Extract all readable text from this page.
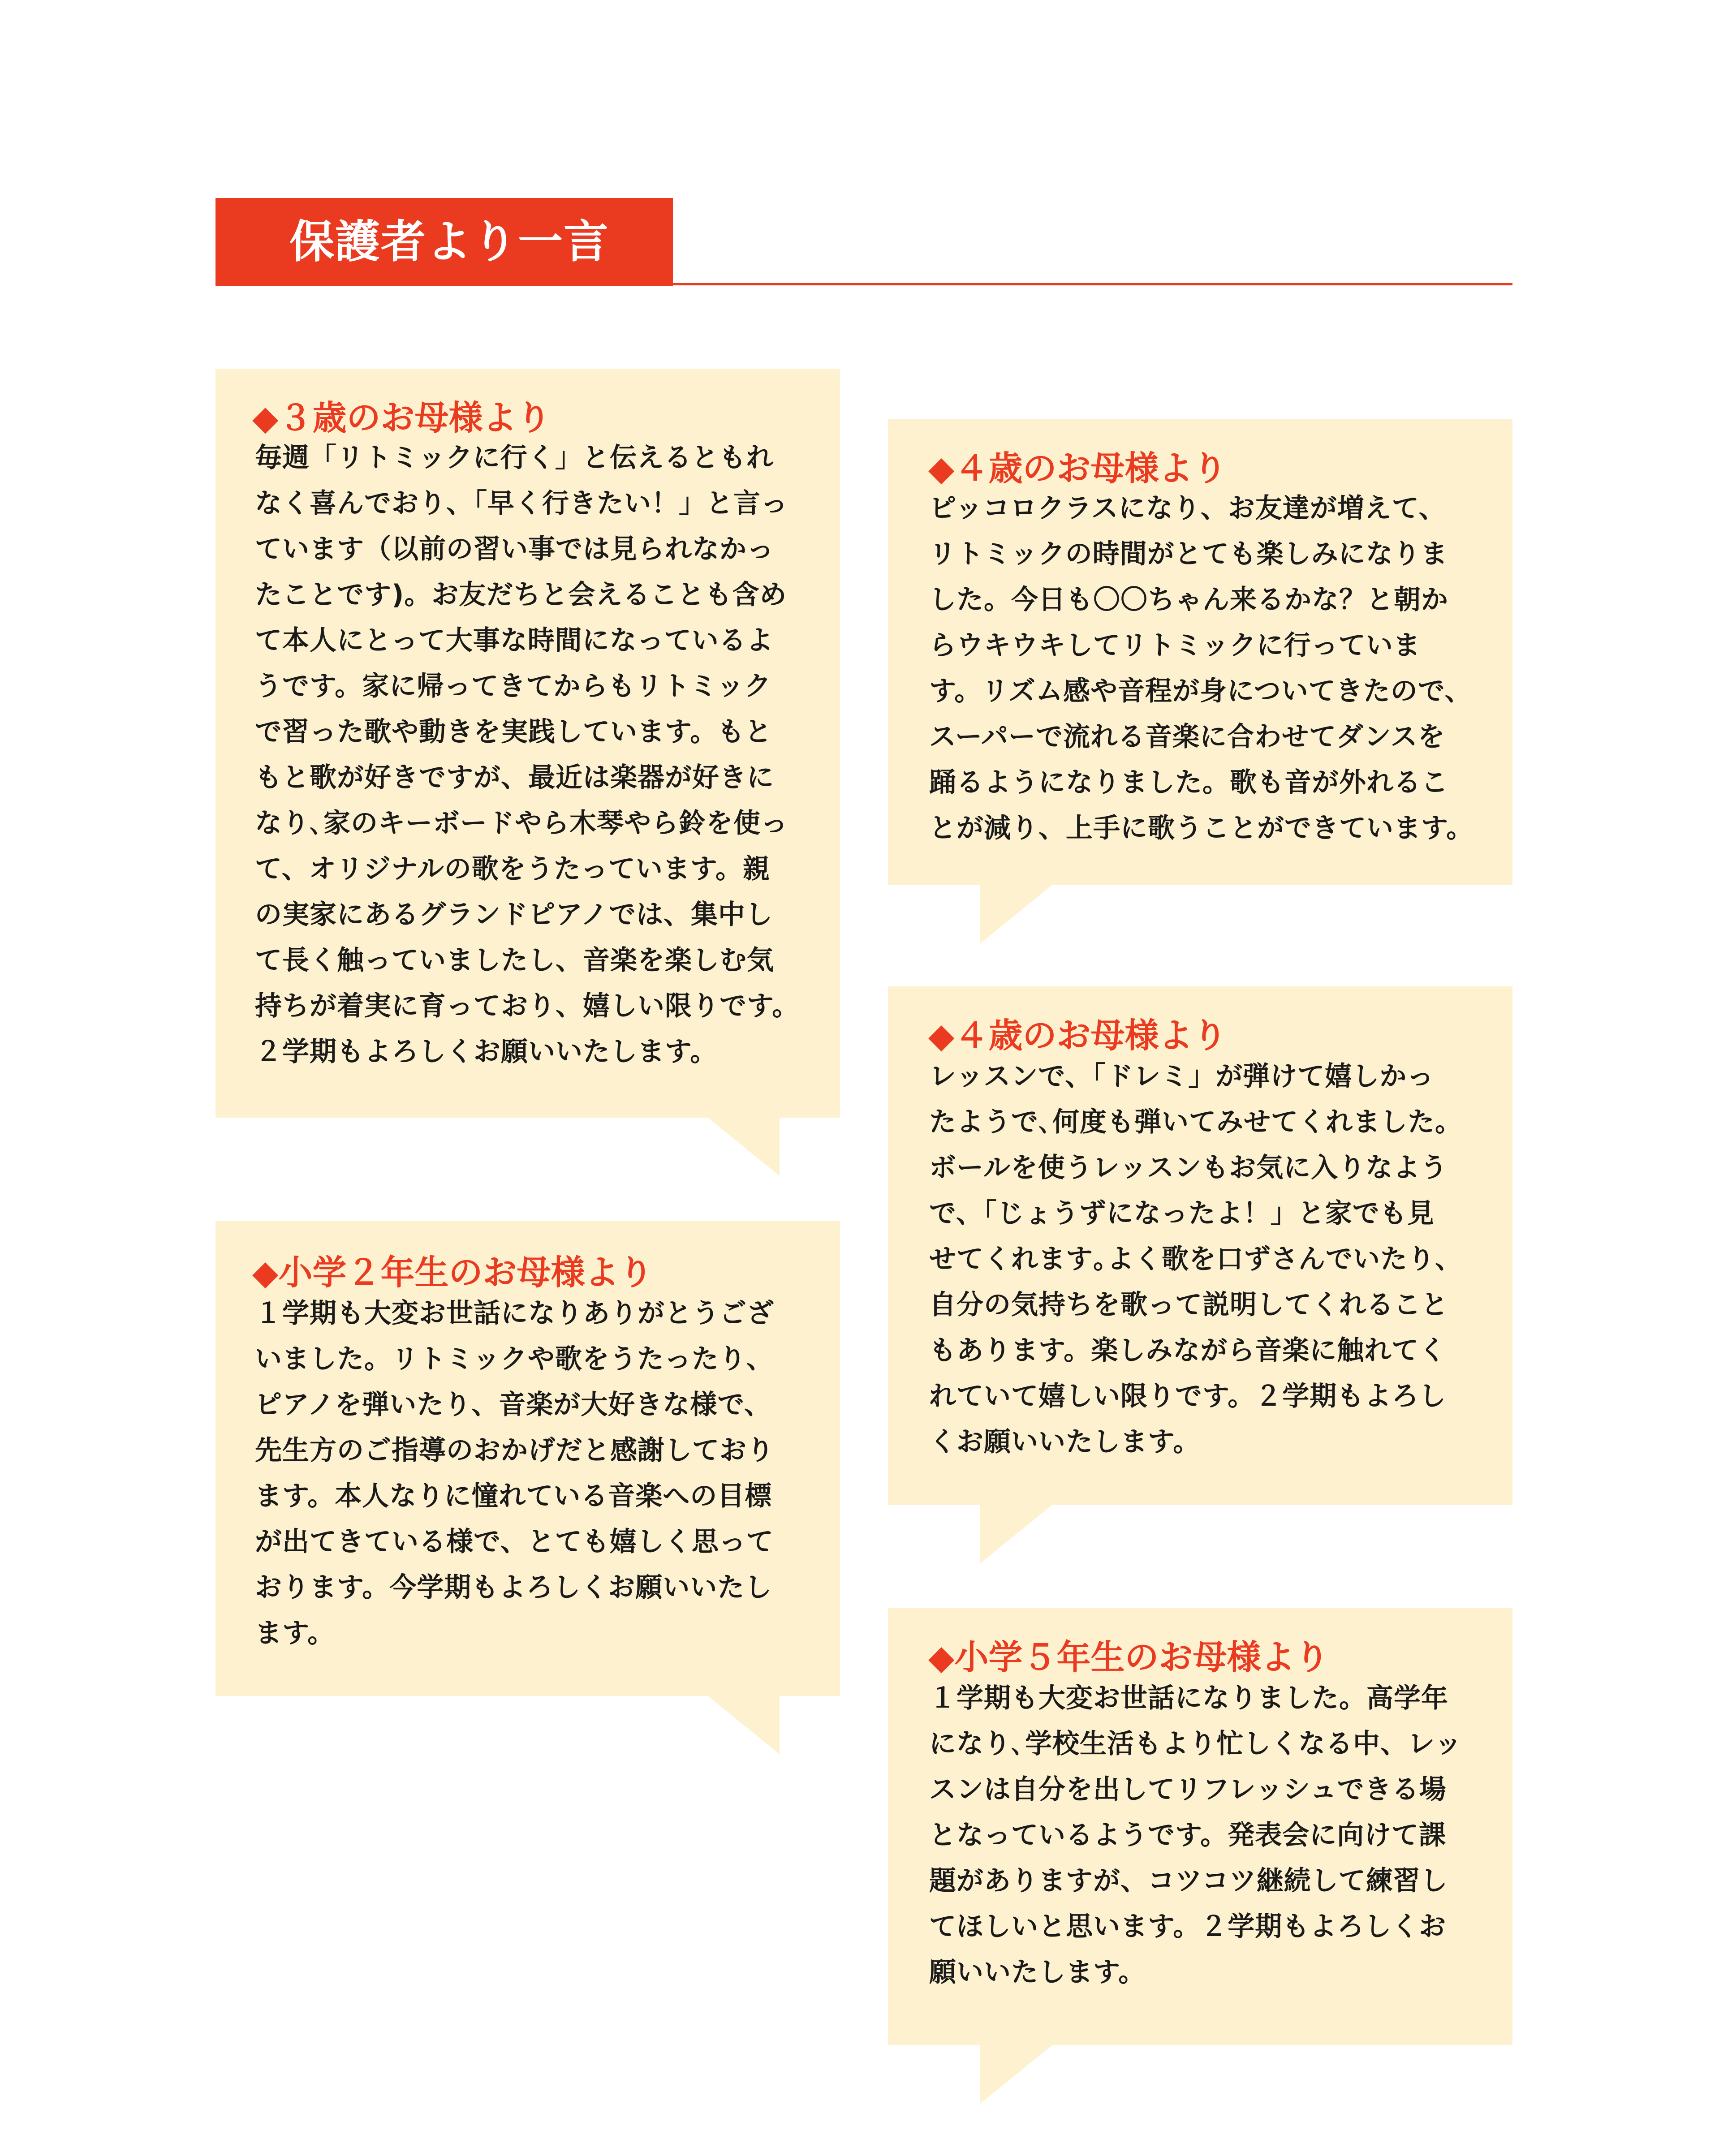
保護者より一言
◆３歳のお母様より
毎週「リトミックに行く」と伝えるともれ
なく喜んでおり、「早く行きたい！」と言っ
ています（以前の習い事では見られなかっ
たことです)。お友だちと会えることも含め
て本人にとって大事な時間になっているよ
うです。家に帰ってきてからもリトミック
で習った歌や動きを実践しています。もと
もと歌が好きですが、最近は楽器が好きに
なり､家のキーボードやら木琴やら鈴を使っ
て、オリジナルの歌をうたっています。親
の実家にあるグランドピアノでは、集中し
て長く触っていましたし、音楽を楽しむ気
持ちが着実に育っており、嬉しい限りです。
２学期もよろしくお願いいたします。
◆小学２年生のお母様より
１学期も大変お世話になりありがとうござ
いました。リトミックや歌をうたったり、
ピアノを弾いたり、音楽が大好きな様で、
先生方のご指導のおかげだと感謝しており
ます。本人なりに憧れている音楽への目標
が出てきている様で、とても嬉しく思って
おります。今学期もよろしくお願いいたし
ます。
◆４歳のお母様より
ピッコロクラスになり、お友達が増えて、
リトミックの時間がとても楽しみになりま
した。今日も〇〇ちゃん来るかな？と朝か
らウキウキしてリトミックに行っていま
す。リズム感や音程が身についてきたので、
スーパーで流れる音楽に合わせてダンスを
踊るようになりました。歌も音が外れるこ
とが減り、上手に歌うことができています。
◆４歳のお母様より
レッスンで、「ドレミ」が弾けて嬉しかっ
たようで､何度も弾いてみせてくれました。
ボールを使うレッスンもお気に入りなよう
で、「じょうずになったよ！」と家でも見
せてくれます｡よく歌を口ずさんでいたり、
自分の気持ちを歌って説明してくれること
もあります。楽しみながら音楽に触れてく
れていて嬉しい限りです。２学期もよろし
くお願いいたします。
◆小学５年生のお母様より
１学期も大変お世話になりました。高学年
になり､学校生活もより忙しくなる中、レッ
スンは自分を出してリフレッシュできる場
となっているようです。発表会に向けて課
題がありますが、コツコツ継続して練習し
てほしいと思います。２学期もよろしくお
願いいたします。
